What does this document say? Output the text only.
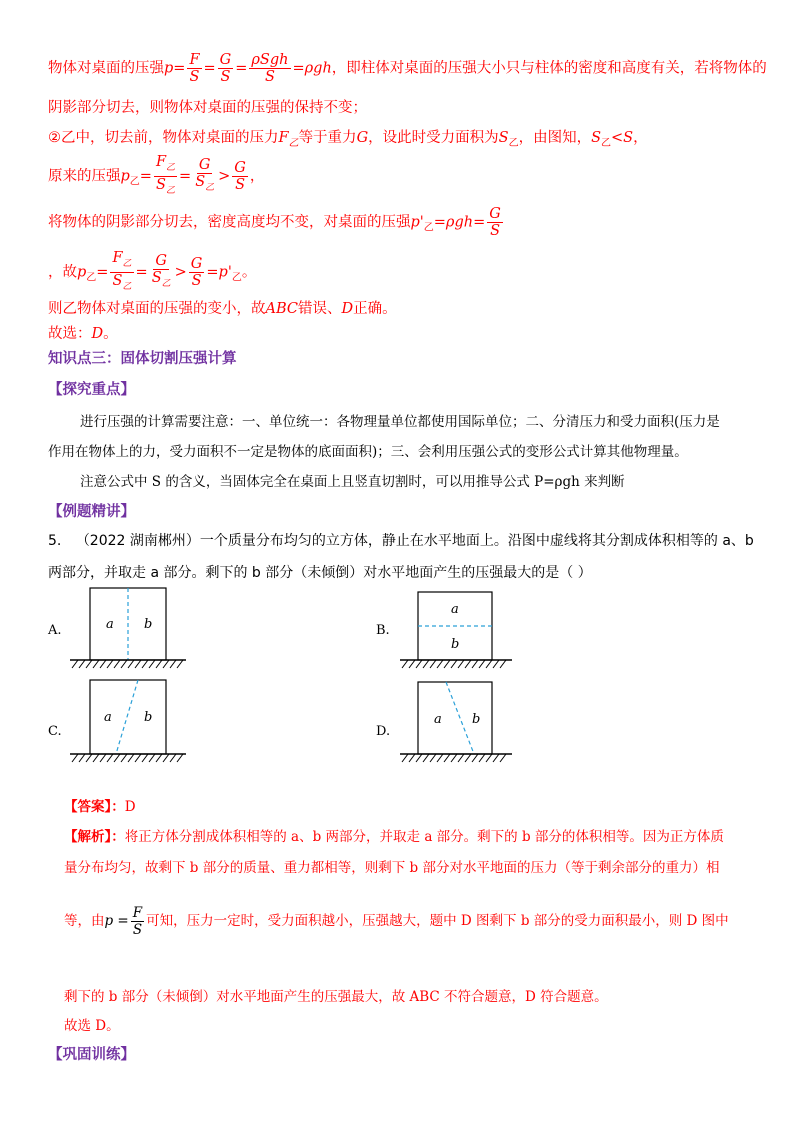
物体对桌面的压强$p= \frac{F}{S} = \frac{G}{S} = \frac{\text{ρSgh}}{S} =\rho gh$，即柱体对桌面的压强大小只与柱体的密度和高度有关，若将物体的
阴影部分切去，则物体对桌面的压强的保持不变；
②乙中，切去前，物体对桌面的压力$F_乙$等于重力G，设此时受力面积为$S_乙$，由图知，$S_乙<S$，
原来的压强$p_乙= \frac{F_乙}{S_乙} = \frac{G}{S_乙} > \frac{G}{S}$ ，
将物体的阴影部分切去，密度高度均不变，对桌面的压强$p'_乙=\rho gh= \frac{G}{S}$
，故$p_乙= \frac{F_乙}{S_乙} = \frac{G}{S_乙} > \frac{G}{S} =p'_乙$。
则乙物体对桌面的压强的变小，故ABC错误、D正确。
故选：D。
知识点三：固体切割压强计算
【探究重点】
进行压强的计算需要注意：一、单位统一：各物理量单位都使用国际单位；二、分清压力和受力面积(压力是
作用在物体上的力，受力面积不一定是物体的底面面积)；三、会利用压强公式的变形公式计算其他物理量。
注意公式中 S 的含义，当固体完全在桌面上且竖直切割时，可以用推导公式 P=ρgh 来判断
【例题精讲】
5. （2022 湖南郴州）一个质量分布均匀的立方体，静止在水平地面上。沿图中虚线将其分割成体积相等的 a、b
两部分，并取走 a 部分。剩下的 b 部分（未倾倒）对水平地面产生的压强最大的是（ ）
A.	B.
C.	D.
a b
a
b
a b	a b
【答案】：D
【解析】：将正方体分割成体积相等的 a、b 两部分，并取走 a 部分。剩下的 b 部分的体积相等。因为正方体质
量分布均匀，故剩下 b 部分的质量、重力都相等，则剩下 b 部分对水平地面的压力（等于剩余部分的重力）相
等，由$p = \frac{F}{S}$ 可知，压力一定时，受力面积越小，压强越大，题中 D 图剩下 b 部分的受力面积最小，则 D 图中
剩下的 b 部分（未倾倒）对水平地面产生的压强最大，故 ABC 不符合题意，D 符合题意。
故选 D。
【巩固训练】
